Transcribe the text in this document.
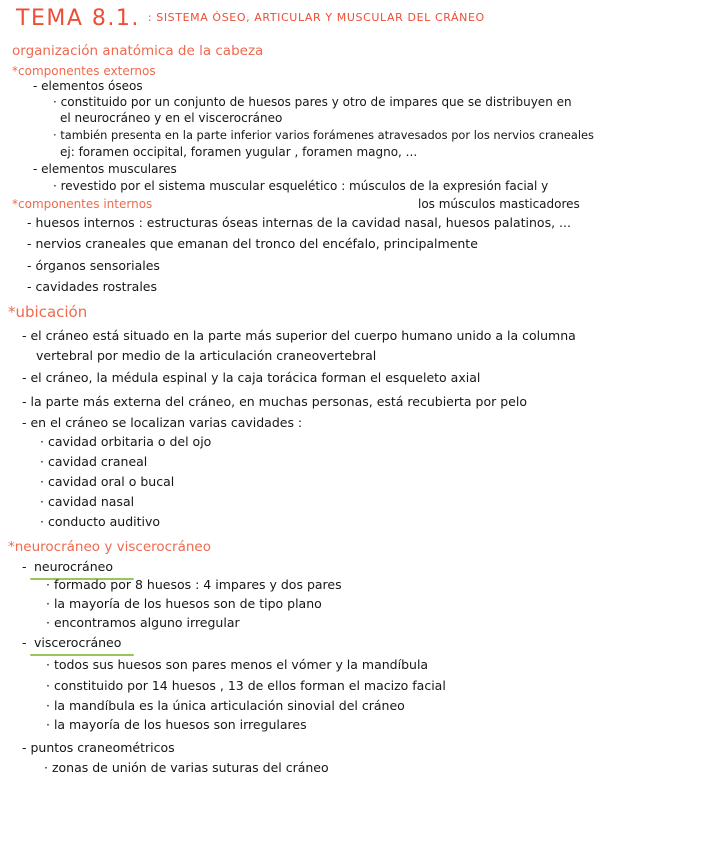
TEMA 8.1. $^{: SISTEMA ÓSEO, ARTICULAR Y MUSCULAR DEL CRÁNEO}$
organización anatómica de la cabeza
*componentes externos
- elementos óseos
· constituido por un conjunto de huesos pares y otro de impares que se distribuyen en
el neurocráneo y en el viscerocráneo
· también presenta en la parte inferior varios forámenes atravesados por los nervios craneales
ej: foramen occipital, foramen yugular , foramen magno, ...
- elementos musculares
· revestido por el sistema muscular esquelético : músculos de la expresión facial y
los músculos masticadores
*componentes internos
- huesos internos : estructuras óseas internas de la cavidad nasal, huesos palatinos, ...
- nervios craneales que emanan del tronco del encéfalo, principalmente
- órganos sensoriales
- cavidades rostrales
*ubicación
- el cráneo está situado en la parte más superior del cuerpo humano unido a la columna
vertebral por medio de la articulación craneovertebral
- el cráneo, la médula espinal y la caja torácica forman el esqueleto axial
- la parte más externa del cráneo, en muchas personas, está recubierta por pelo
- en el cráneo se localizan varias cavidades :
· cavidad orbitaria o del ojo
· cavidad craneal
· cavidad oral o bucal
· cavidad nasal
· conducto auditivo
*neurocráneo y viscerocráneo
- neurocráneo
· formado por 8 huesos : 4 impares y dos pares
· la mayoría de los huesos son de tipo plano
· encontramos alguno irregular
- viscerocráneo
· todos sus huesos son pares menos el vómer y la mandíbula
· constituido por 14 huesos , 13 de ellos forman el macizo facial
· la mandíbula es la única articulación sinovial del cráneo
· la mayoría de los huesos son irregulares
- puntos craneométricos
· zonas de unión de varias suturas del cráneo
